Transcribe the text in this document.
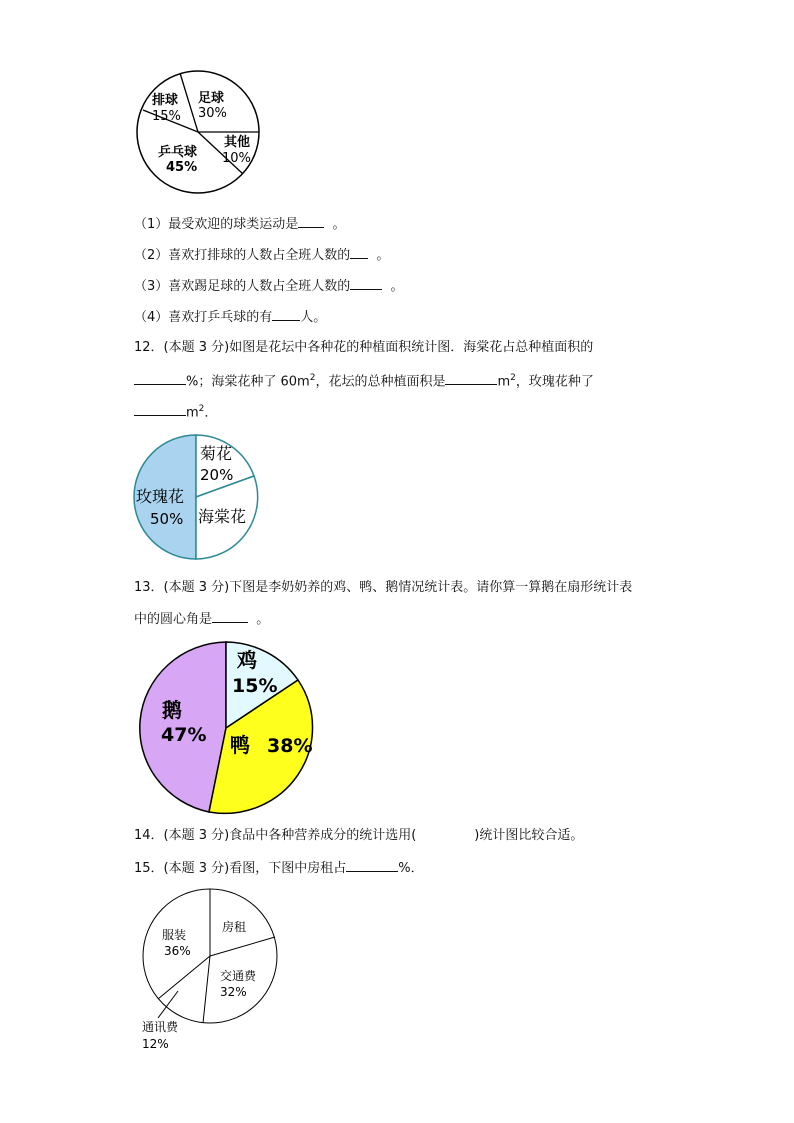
足球
30%
排球
15%
其他
10%
乒乓球
45%
（1）最受欢迎的球类运动是	。
（2）喜欢打排球的人数占全班人数的 。
（3）喜欢踢足球的人数占全班人数的	。
（4）喜欢打乒乓球的有 人。
12．(本题 3 分)如图是花坛中各种花的种植面积统计图．海棠花占总种植面积的
%；海棠花种了 $60m^2$，花坛的总种植面积是	$m^2$，玫瑰花种了
$m^2$．
菊花
20%
玫瑰花
50% 海棠花
13．(本题 3 分)下图是李奶奶养的鸡、鸭、鹅情况统计表。请你算一算鹅在扇形统计表
中的圆心角是	。
鸡
15%
鹅
47% 鸭 38%
14．(本题 3 分)食品中各种营养成分的统计选用(	)统计图比较合适。
15．(本题 3 分)看图，下图中房租占	%．
服装
36%
房租
交通费
32%
通讯费
12%
